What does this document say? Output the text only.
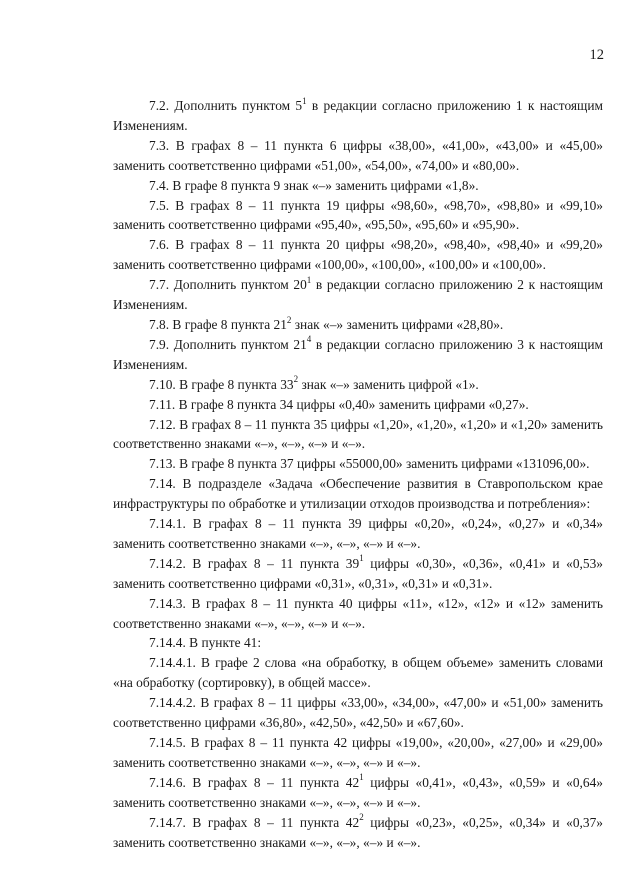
12

7.2. Дополнить пунктом $5^1$ в редакции согласно приложению 1 к настоящим Изменениям.

7.3. В графах 8 – 11 пункта 6 цифры «38,00», «41,00», «43,00» и «45,00» заменить соответственно цифрами «51,00», «54,00», «74,00» и «80,00».

7.4. В графе 8 пункта 9 знак «–» заменить цифрами «1,8».

7.5. В графах 8 – 11 пункта 19 цифры «98,60», «98,70», «98,80» и «99,10» заменить соответственно цифрами «95,40», «95,50», «95,60» и «95,90».

7.6. В графах 8 – 11 пункта 20 цифры «98,20», «98,40», «98,40» и «99,20» заменить соответственно цифрами «100,00», «100,00», «100,00» и «100,00».

7.7. Дополнить пунктом $20^1$ в редакции согласно приложению 2 к настоящим Изменениям.

7.8. В графе 8 пункта $21^2$ знак «–» заменить цифрами «28,80».

7.9. Дополнить пунктом $21^4$ в редакции согласно приложению 3 к настоящим Изменениям.

7.10. В графе 8 пункта $33^2$ знак «–» заменить цифрой «1».

7.11. В графе 8 пункта 34 цифры «0,40» заменить цифрами «0,27».

7.12. В графах 8 – 11 пункта 35 цифры «1,20», «1,20», «1,20» и «1,20» заменить соответственно знаками «–», «–», «–» и «–».

7.13. В графе 8 пункта 37 цифры «55000,00» заменить цифрами «131096,00».

7.14. В подразделе «Задача «Обеспечение развития в Ставропольском крае инфраструктуры по обработке и утилизации отходов производства и потребления»:

7.14.1. В графах 8 – 11 пункта 39 цифры «0,20», «0,24», «0,27» и «0,34» заменить соответственно знаками «–», «–», «–» и «–».

7.14.2. В графах 8 – 11 пункта $39^1$ цифры «0,30», «0,36», «0,41» и «0,53» заменить соответственно цифрами «0,31», «0,31», «0,31» и «0,31».

7.14.3. В графах 8 – 11 пункта 40 цифры «11», «12», «12» и «12» заменить соответственно знаками «–», «–», «–» и «–».

7.14.4. В пункте 41:

7.14.4.1. В графе 2 слова «на обработку, в общем объеме» заменить словами «на обработку (сортировку), в общей массе».

7.14.4.2. В графах 8 – 11 цифры «33,00», «34,00», «47,00» и «51,00» заменить соответственно цифрами «36,80», «42,50», «42,50» и «67,60».

7.14.5. В графах 8 – 11 пункта 42 цифры «19,00», «20,00», «27,00» и «29,00» заменить соответственно знаками «–», «–», «–» и «–».

7.14.6. В графах 8 – 11 пункта $42^1$ цифры «0,41», «0,43», «0,59» и «0,64» заменить соответственно знаками «–», «–», «–» и «–».

7.14.7. В графах 8 – 11 пункта $42^2$ цифры «0,23», «0,25», «0,34» и «0,37» заменить соответственно знаками «–», «–», «–» и «–».
